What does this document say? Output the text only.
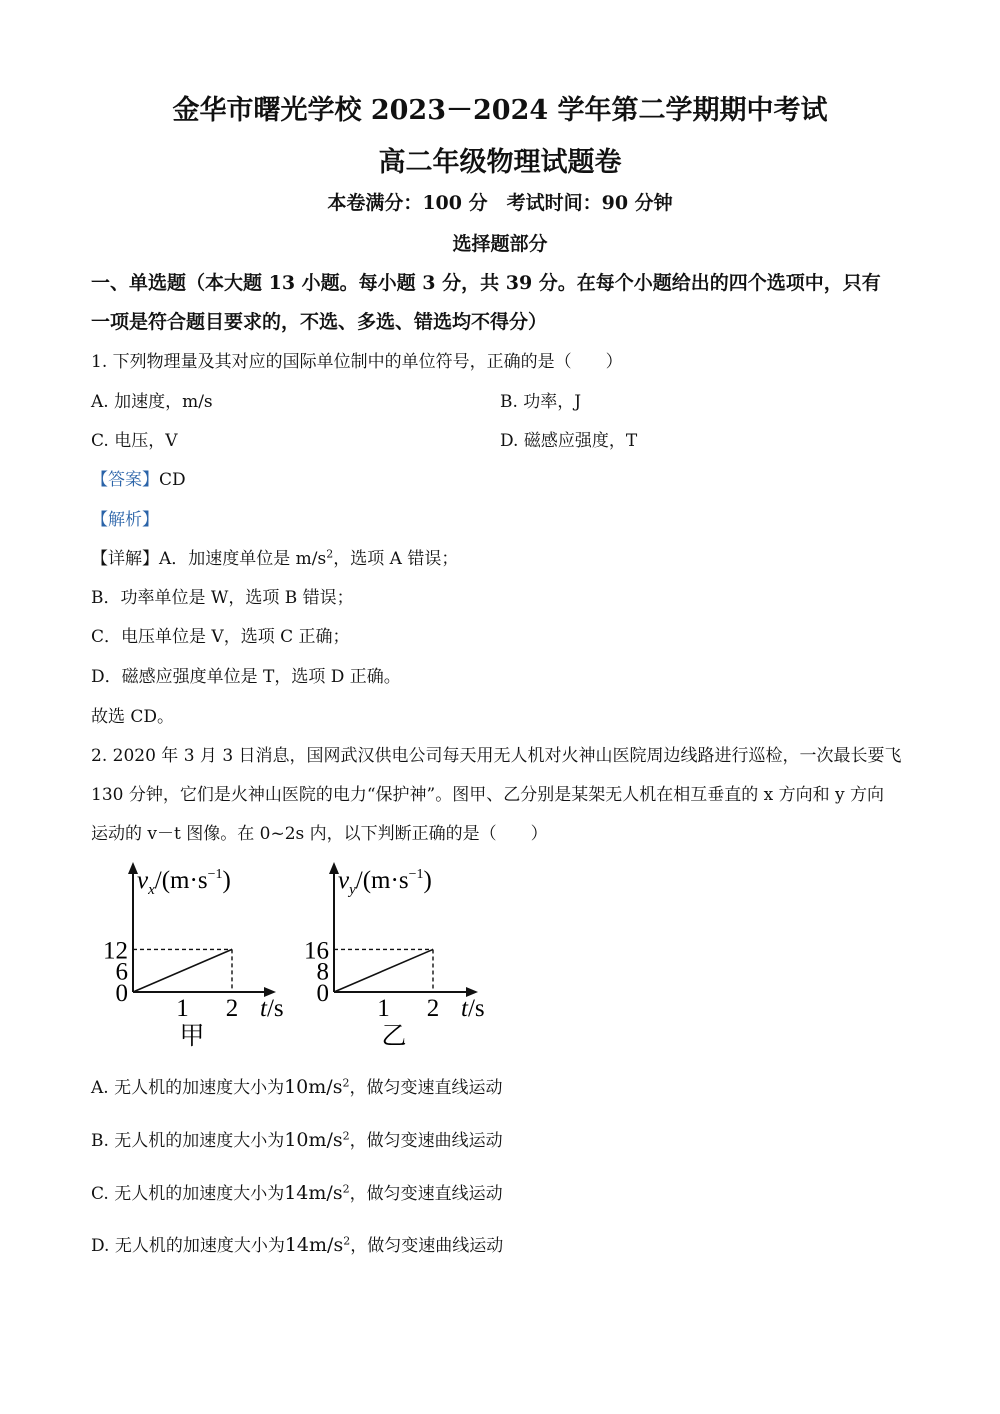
金华市曙光学校 2023－2024 学年第二学期期中考试
高二年级物理试题卷
本卷满分：100 分　考试时间：90 分钟
选择题部分
一、单选题（本大题 13 小题。每小题 3 分，共 39 分。在每个小题给出的四个选项中，只有
一项是符合题目要求的，不选、多选、错选均不得分）
1. 下列物理量及其对应的国际单位制中的单位符号，正确的是（　　）
A. 加速度，m/s	B. 功率，J
C. 电压，V	D. 磁感应强度，T
【答案】CD
【解析】
【详解】A．加速度单位是 $m/s^2$，选项 A 错误；
B．功率单位是 W，选项 B 错误；
C．电压单位是 V，选项 C 正确；
D．磁感应强度单位是 T，选项 D 正确。
故选 CD。
2. 2020 年 3 月 3 日消息，国网武汉供电公司每天用无人机对火神山医院周边线路进行巡检，一次最长要飞
130 分钟，它们是火神山医院的电力“保护神”。图甲、乙分别是某架无人机在相互垂直的 x 方向和 y 方向
运动的 v－t 图像。在 0~2s 内，以下判断正确的是（　　）
6
12
0
1 2 t/s
$v_x/(m\cdot s^{-1})$
甲
8
16
0
1 2 t/s
$v_y/(m\cdot s^{-1})$
乙
A. 无人机的加速度大小为$10m/s^2$，做匀变速直线运动
B. 无人机的加速度大小为$10m/s^2$，做匀变速曲线运动
C. 无人机的加速度大小为$14m/s^2$，做匀变速直线运动
D. 无人机的加速度大小为$14m/s^2$，做匀变速曲线运动
